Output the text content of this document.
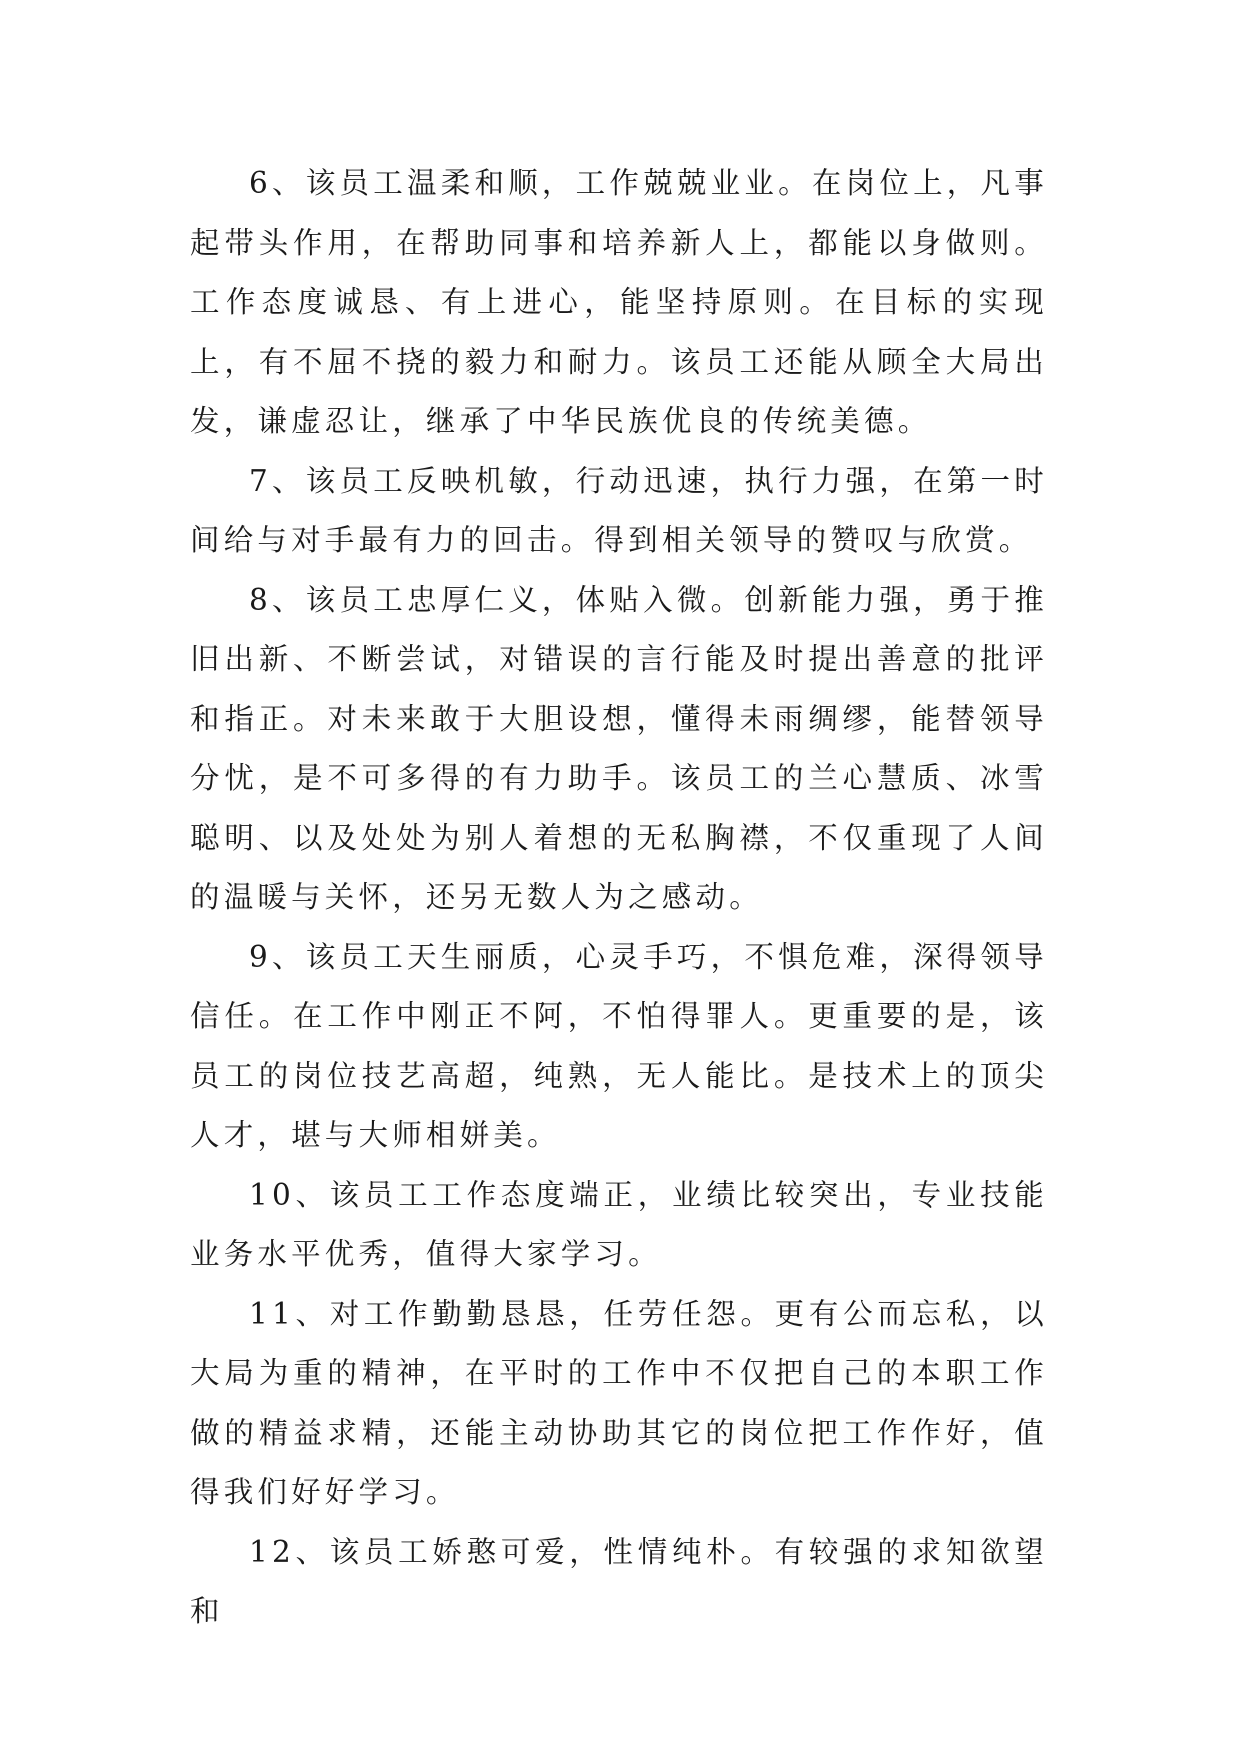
6、该员工温柔和顺，工作兢兢业业。在岗位上，凡事起带头作用，在帮助同事和培养新人上，都能以身做则。工作态度诚恳、有上进心，能坚持原则。在目标的实现上，有不屈不挠的毅力和耐力。该员工还能从顾全大局出发，谦虚忍让，继承了中华民族优良的传统美德。

7、该员工反映机敏，行动迅速，执行力强，在第一时间给与对手最有力的回击。得到相关领导的赞叹与欣赏。

8、该员工忠厚仁义，体贴入微。创新能力强，勇于推旧出新、不断尝试，对错误的言行能及时提出善意的批评和指正。对未来敢于大胆设想，懂得未雨绸缪，能替领导分忧，是不可多得的有力助手。该员工的兰心慧质、冰雪聪明、以及处处为别人着想的无私胸襟，不仅重现了人间的温暖与关怀，还另无数人为之感动。

9、该员工天生丽质，心灵手巧，不惧危难，深得领导信任。在工作中刚正不阿，不怕得罪人。更重要的是，该员工的岗位技艺高超，纯熟，无人能比。是技术上的顶尖人才，堪与大师相姘美。

10、该员工工作态度端正，业绩比较突出，专业技能业务水平优秀，值得大家学习。

11、对工作勤勤恳恳，任劳任怨。更有公而忘私，以大局为重的精神，在平时的工作中不仅把自己的本职工作做的精益求精，还能主动协助其它的岗位把工作作好，值得我们好好学习。

12、该员工娇憨可爱，性情纯朴。有较强的求知欲望和
